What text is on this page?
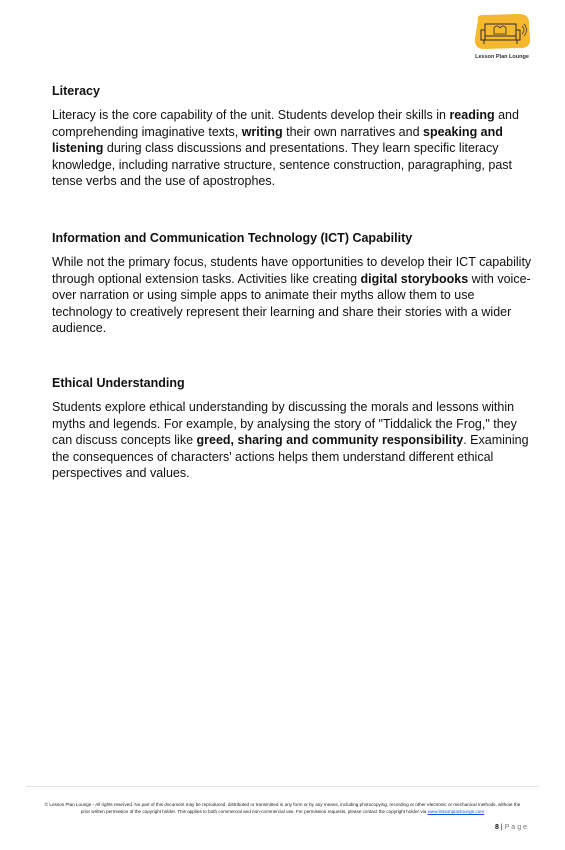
Lesson Plan Lounge
Literacy

Literacy is the core capability of the unit. Students develop their skills in reading and comprehending imaginative texts, writing their own narratives and speaking and listening during class discussions and presentations. They learn specific literacy knowledge, including narrative structure, sentence construction, paragraphing, past tense verbs and the use of apostrophes.

Information and Communication Technology (ICT) Capability

While not the primary focus, students have opportunities to develop their ICT capability through optional extension tasks. Activities like creating digital storybooks with voice-over narration or using simple apps to animate their myths allow them to use technology to creatively represent their learning and share their stories with a wider audience.

Ethical Understanding

Students explore ethical understanding by discussing the morals and lessons within myths and legends. For example, by analysing the story of "Tiddalick the Frog," they can discuss concepts like greed, sharing and community responsibility. Examining the consequences of characters' actions helps them understand different ethical perspectives and values.

© Lesson Plan Lounge - All rights reserved. No part of this document may be reproduced, distributed or transmitted in any form or by any means, including photocopying, recording or other electronic or mechanical methods, without the prior written permission of the copyright holder. This applies to both commercial and non-commercial use. For permission requests, please contact the copyright holder via www.lessonplanlounge.com
8 | Page
